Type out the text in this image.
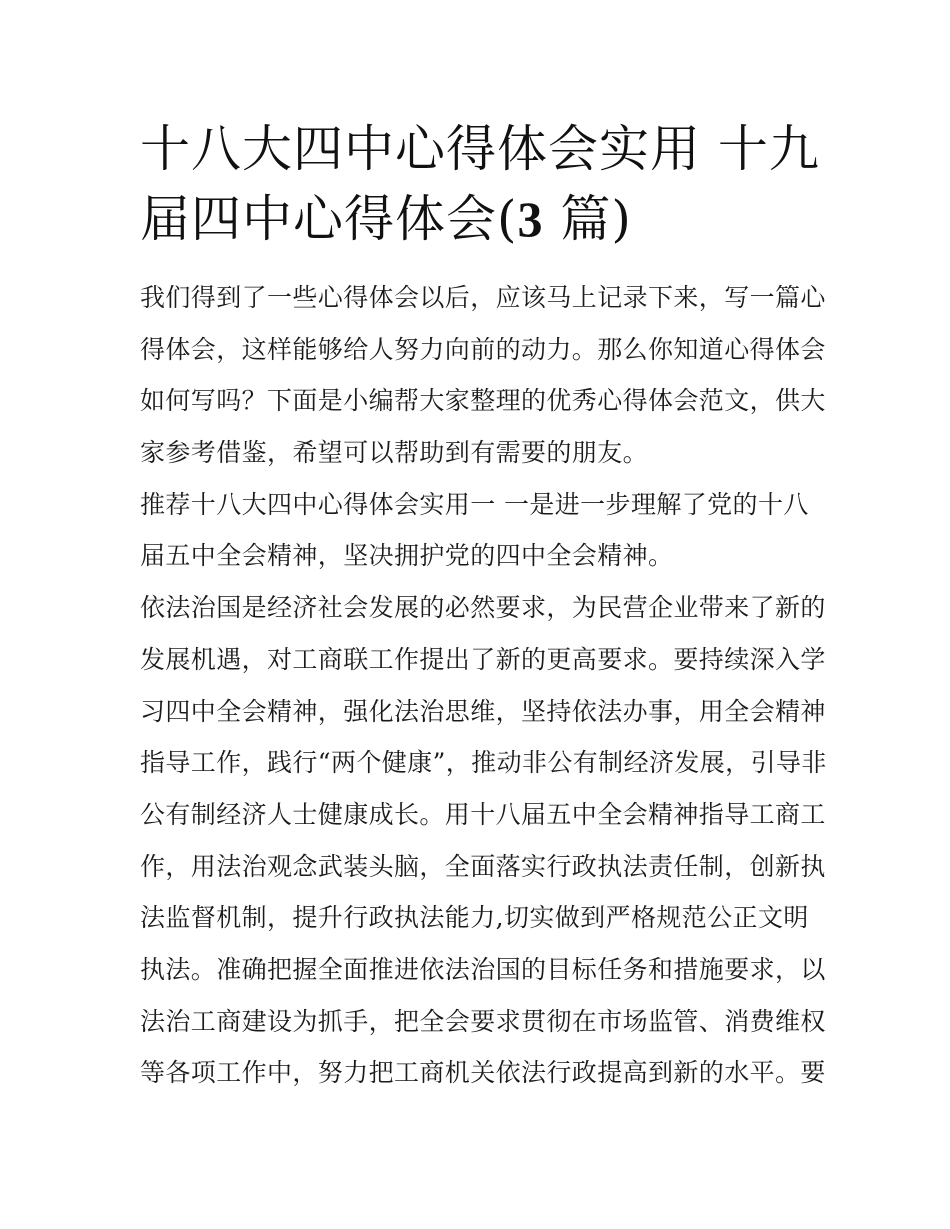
十八大四中心得体会实用 十九
届四中心得体会(3 篇)
我们得到了一些心得体会以后，应该马上记录下来，写一篇心
得体会，这样能够给人努力向前的动力。那么你知道心得体会
如何写吗？下面是小编帮大家整理的优秀心得体会范文，供大
家参考借鉴，希望可以帮助到有需要的朋友。
推荐十八大四中心得体会实用一 一是进一步理解了党的十八
届五中全会精神，坚决拥护党的四中全会精神。
依法治国是经济社会发展的必然要求，为民营企业带来了新的
发展机遇，对工商联工作提出了新的更高要求。要持续深入学
习四中全会精神，强化法治思维，坚持依法办事，用全会精神
指导工作，践行“两个健康”，推动非公有制经济发展，引导非
公有制经济人士健康成长。用十八届五中全会精神指导工商工
作，用法治观念武装头脑，全面落实行政执法责任制，创新执
法监督机制，提升行政执法能力,切实做到严格规范公正文明
执法。准确把握全面推进依法治国的目标任务和措施要求，以
法治工商建设为抓手，把全会要求贯彻在市场监管、消费维权
等各项工作中，努力把工商机关依法行政提高到新的水平。要
